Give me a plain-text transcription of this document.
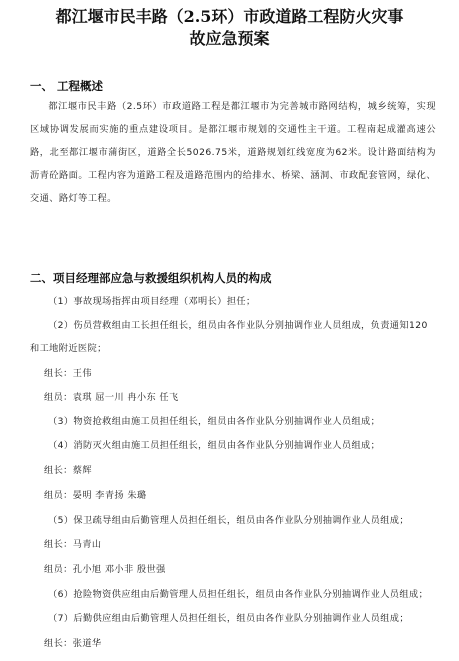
都江堰市民丰路（2.5环）市政道路工程防火灾事
故应急预案
一、 工程概述

都江堰市民丰路（2.5环）市政道路工程是都江堰市为完善城市路网结构，城乡统筹，实现区域协调发展而实施的重点建设项目。是都江堰市规划的交通性主干道。工程南起成灌高速公路，北至都江堰市蒲街区，道路全长5026.75米，道路规划红线宽度为62米。设计路面结构为沥青砼路面。工程内容为道路工程及道路范围内的给排水、桥梁、涵洞、市政配套管网，绿化、交通、路灯等工程。

二、项目经理部应急与救援组织机构人员的构成
（1）事故现场指挥由项目经理（邓明长）担任；
（2）伤员营救组由工长担任组长，组员由各作业队分别抽调作业人员组成，负责通知120和工地附近医院；
组长：王伟
组员：袁琪 屈一川 冉小东 任飞
（3）物资抢救组由施工员担任组长，组员由各作业队分别抽调作业人员组成；
（4）消防灭火组由施工员担任组长，组员由各作业队分别抽调作业人员组成；
组长：蔡辉
组员：晏明 李青扬 朱璐
（5）保卫疏导组由后勤管理人员担任组长，组员由各作业队分别抽调作业人员组成；
组长：马青山
组员：孔小旭 邓小非 殷世强
（6）抢险物资供应组由后勤管理人员担任组长，组员由各作业队分别抽调作业人员组成；
（7）后勤供应组由后勤管理人员担任组长，组员由各作业队分别抽调作业人员组成；
组长：张道华
